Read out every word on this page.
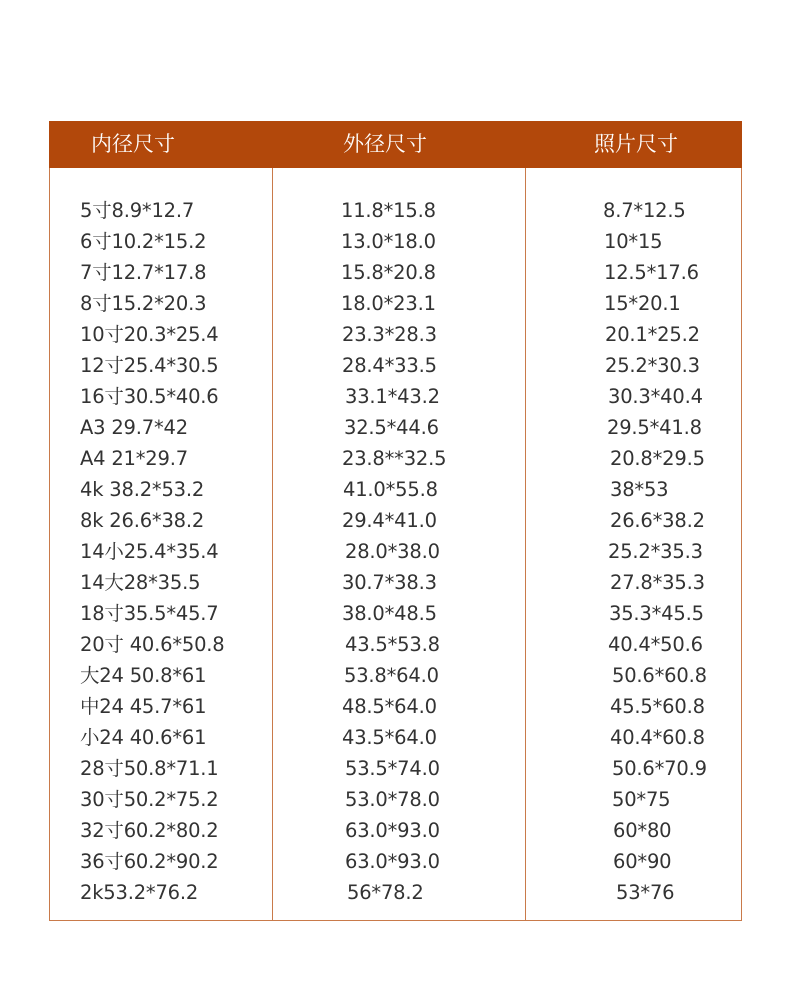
内径尺寸	外径尺寸	照片尺寸
5寸8.9*12.7	11.8*15.8	8.7*12.5
6寸10.2*15.2	13.0*18.0	10*15
7寸12.7*17.8	15.8*20.8	12.5*17.6
8寸15.2*20.3	18.0*23.1	15*20.1
10寸20.3*25.4	23.3*28.3	20.1*25.2
12寸25.4*30.5	28.4*33.5	25.2*30.3
16寸30.5*40.6	33.1*43.2	30.3*40.4
A3 29.7*42	32.5*44.6	29.5*41.8
A4 21*29.7	23.8**32.5	20.8*29.5
4k 38.2*53.2	41.0*55.8	38*53
8k 26.6*38.2	29.4*41.0	26.6*38.2
14小25.4*35.4	28.0*38.0	25.2*35.3
14大28*35.5	30.7*38.3	27.8*35.3
18寸35.5*45.7	38.0*48.5	35.3*45.5
20寸 40.6*50.8	43.5*53.8	40.4*50.6
大24 50.8*61	53.8*64.0	50.6*60.8
中24 45.7*61	48.5*64.0	45.5*60.8
小24 40.6*61	43.5*64.0	40.4*60.8
28寸50.8*71.1	53.5*74.0	50.6*70.9
30寸50.2*75.2	53.0*78.0	50*75
32寸60.2*80.2	63.0*93.0	60*80
36寸60.2*90.2	63.0*93.0	60*90
2k53.2*76.2	56*78.2	53*76
